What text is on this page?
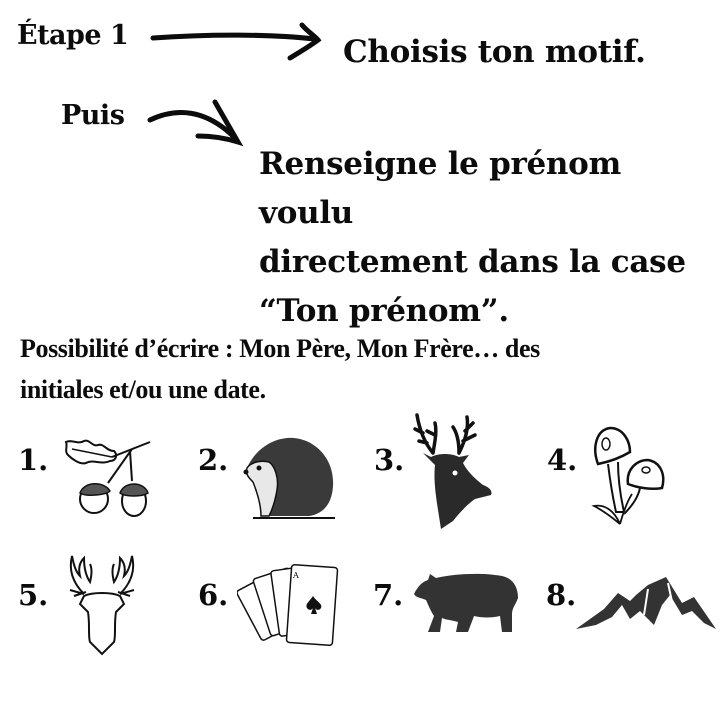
Étape 1	Choisis ton motif.
Puis
Renseigne le prénom voulu
directement dans la case
“Ton prénom”.
Possibilité d’écrire : Mon Père, Mon Frère… des
initiales et/ou une date.
1.	2.	3.	4.
5.	6.
A
7.	8.
